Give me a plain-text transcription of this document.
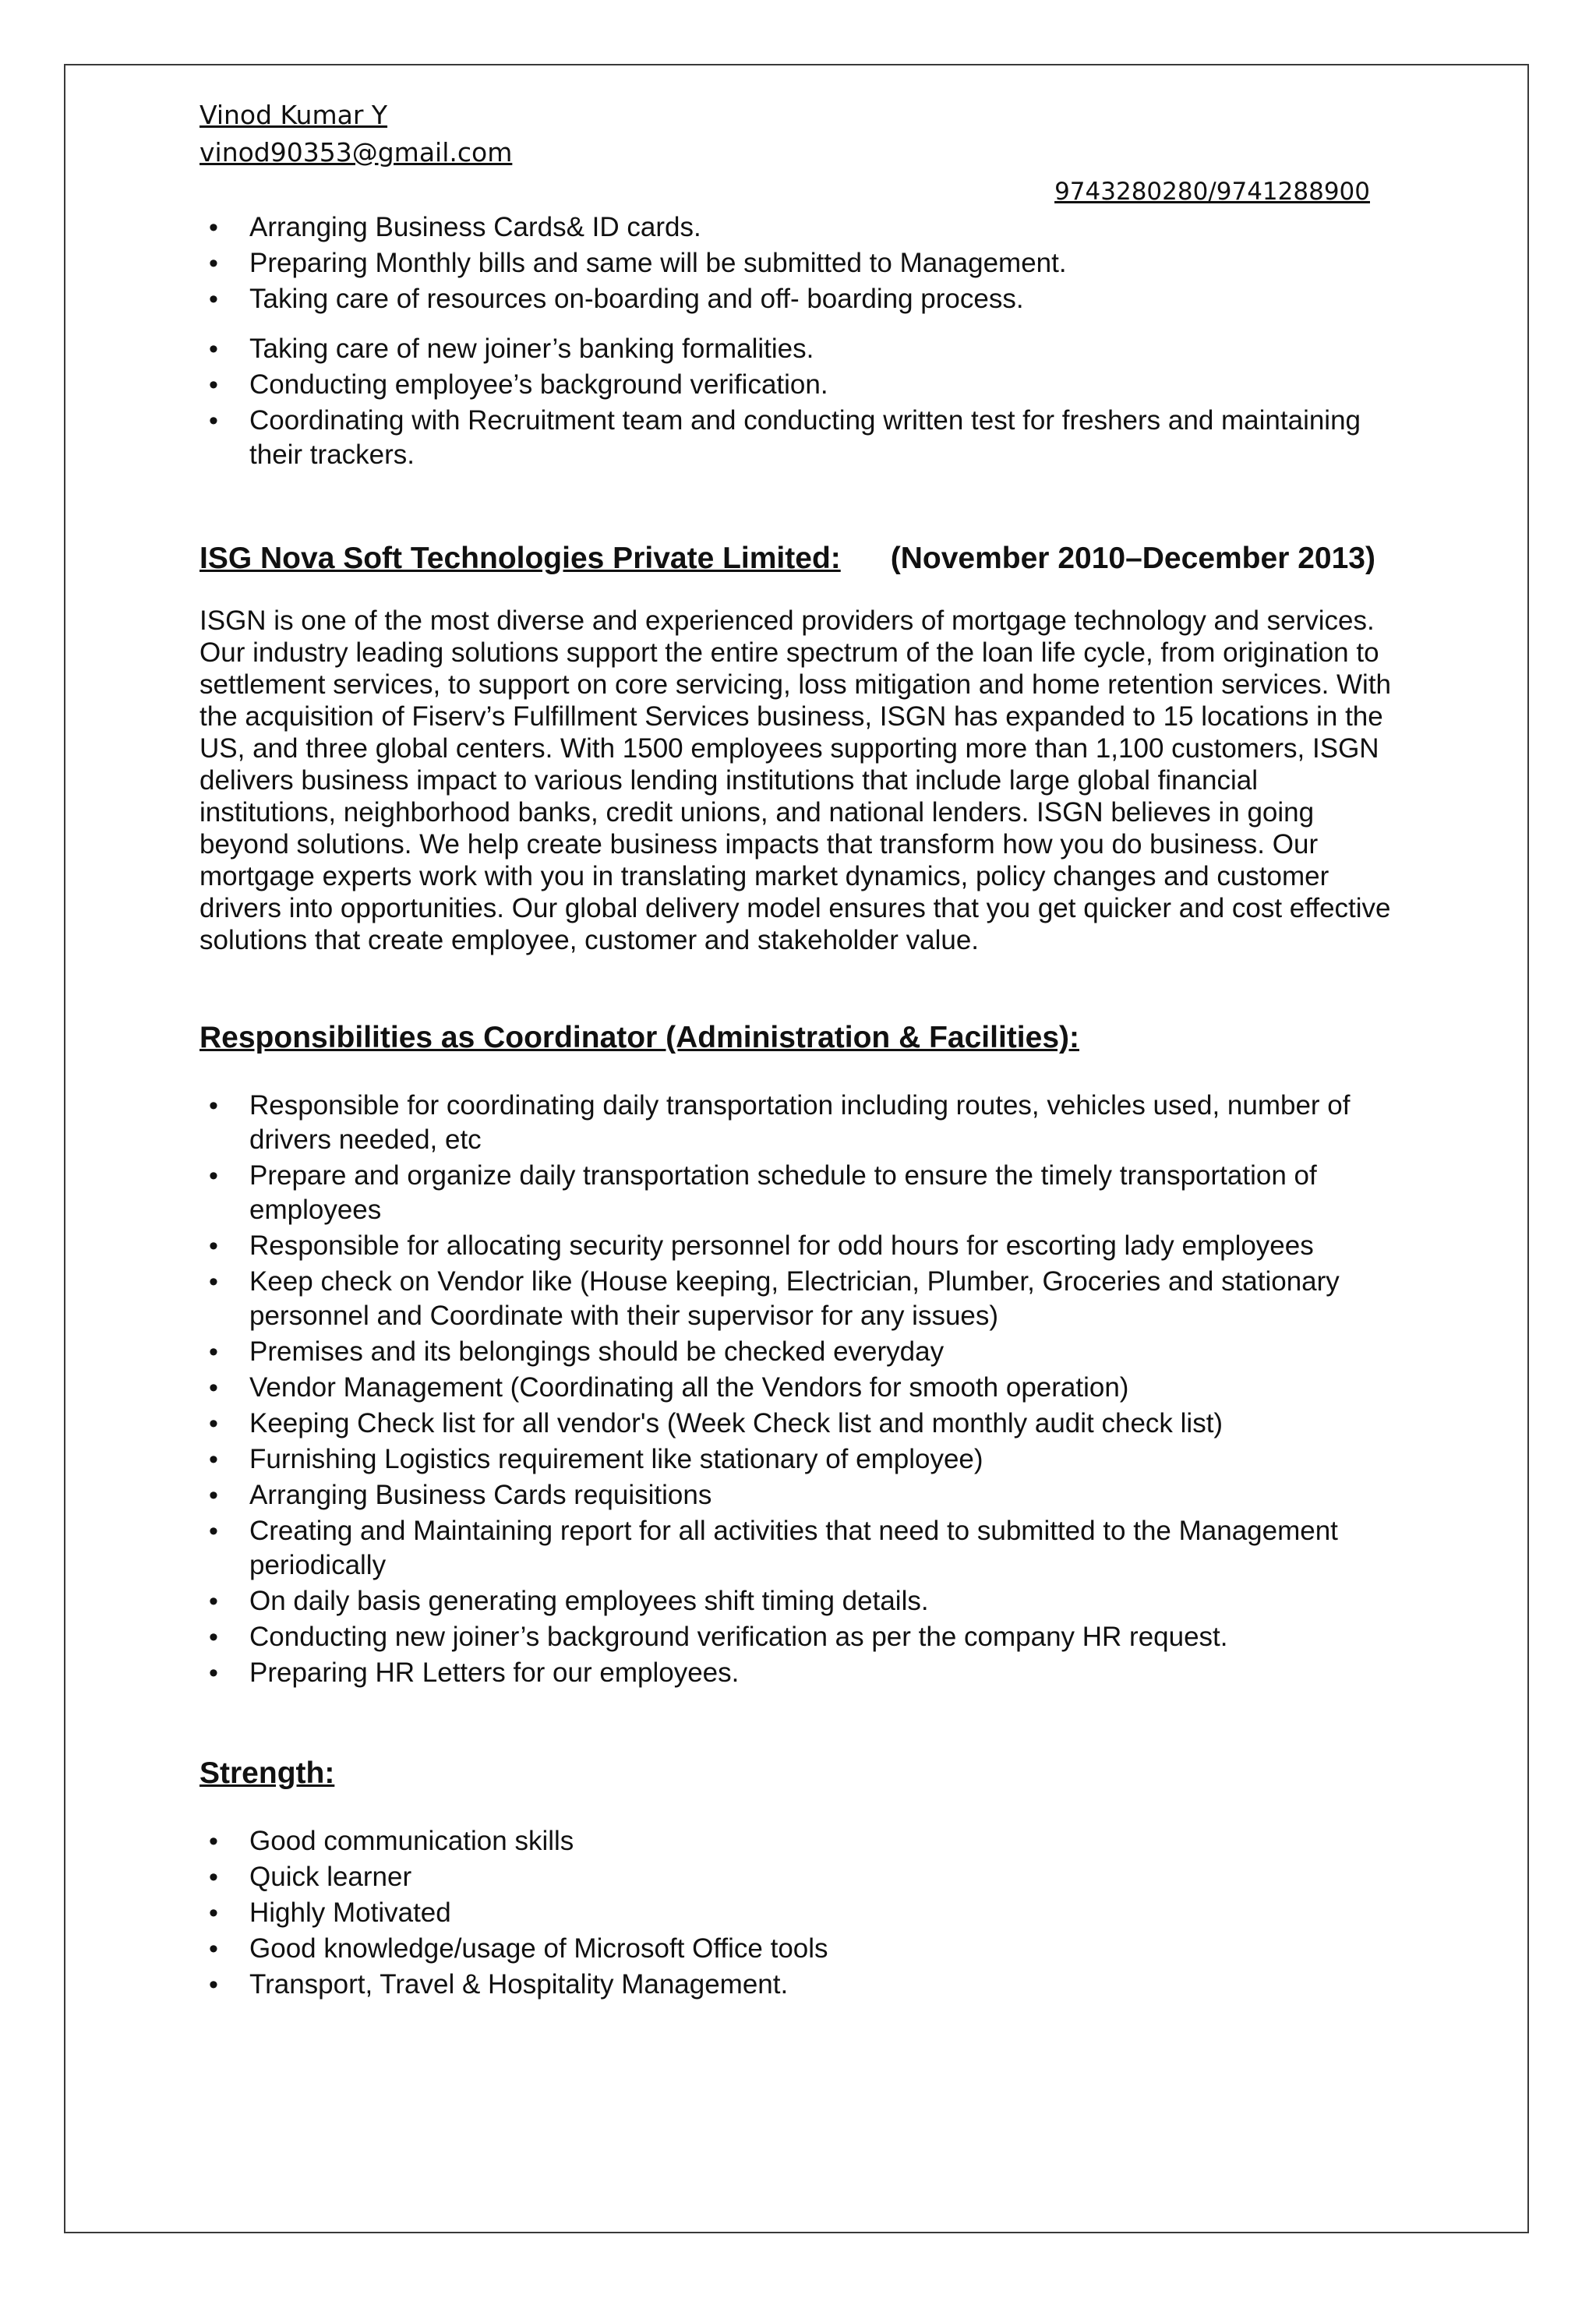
Vinod Kumar Y
vinod90353@gmail.com
9743280280/9741288900
• Arranging Business Cards& ID cards.
• Preparing Monthly bills and same will be submitted to Management.
• Taking care of resources on-boarding and off- boarding process.
• Taking care of new joiner’s banking formalities.
• Conducting employee’s background verification.
• Coordinating with Recruitment team and conducting written test for freshers and maintaining their trackers.
ISG Nova Soft Technologies Private Limited: (November 2010–December 2013)

ISGN is one of the most diverse and experienced providers of mortgage technology and services. Our industry leading solutions support the entire spectrum of the loan life cycle, from origination to settlement services, to support on core servicing, loss mitigation and home retention services. With the acquisition of Fiserv’s Fulfillment Services business, ISGN has expanded to 15 locations in the US, and three global centers. With 1500 employees supporting more than 1,100 customers, ISGN delivers business impact to various lending institutions that include large global financial institutions, neighborhood banks, credit unions, and national lenders. ISGN believes in going beyond solutions. We help create business impacts that transform how you do business. Our mortgage experts work with you in translating market dynamics, policy changes and customer drivers into opportunities. Our global delivery model ensures that you get quicker and cost effective solutions that create employee, customer and stakeholder value.

Responsibilities as Coordinator (Administration & Facilities):
• Responsible for coordinating daily transportation including routes, vehicles used, number of drivers needed, etc
• Prepare and organize daily transportation schedule to ensure the timely transportation of employees
• Responsible for allocating security personnel for odd hours for escorting lady employees
• Keep check on Vendor like (House keeping, Electrician, Plumber, Groceries and stationary personnel and Coordinate with their supervisor for any issues)
• Premises and its belongings should be checked everyday
• Vendor Management (Coordinating all the Vendors for smooth operation)
• Keeping Check list for all vendor's (Week Check list and monthly audit check list)
• Furnishing Logistics requirement like stationary of employee)
• Arranging Business Cards requisitions
• Creating and Maintaining report for all activities that need to submitted to the Management periodically
• On daily basis generating employees shift timing details.
• Conducting new joiner’s background verification as per the company HR request.
• Preparing HR Letters for our employees.
Strength:
• Good communication skills
• Quick learner
• Highly Motivated
• Good knowledge/usage of Microsoft Office tools
• Transport, Travel & Hospitality Management.
